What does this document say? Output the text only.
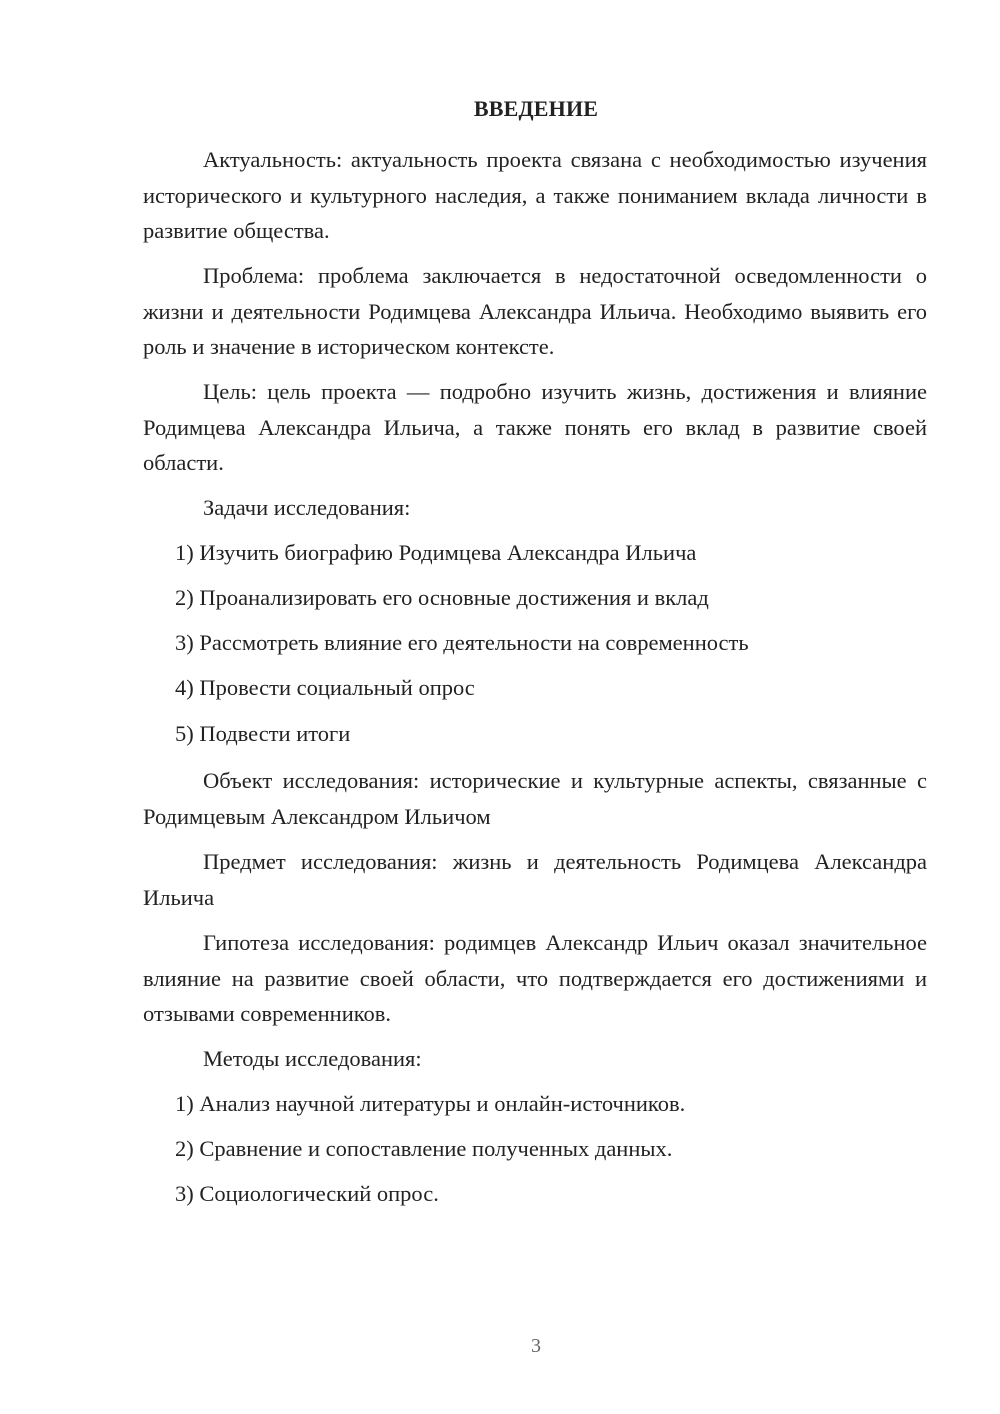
ВВЕДЕНИЕ

Актуальность: актуальность проекта связана с необходимостью изучения исторического и культурного наследия, а также пониманием вклада личности в развитие общества.

Проблема: проблема заключается в недостаточной осведомленности о жизни и деятельности Родимцева Александра Ильича. Необходимо выявить его роль и значение в историческом контексте.

Цель: цель проекта — подробно изучить жизнь, достижения и влияние Родимцева Александра Ильича, а также понять его вклад в развитие своей области.

Задачи исследования:

1) Изучить биографию Родимцева Александра Ильича

2) Проанализировать его основные достижения и вклад

3) Рассмотреть влияние его деятельности на современность

4) Провести социальный опрос

5) Подвести итоги

Объект исследования: исторические и культурные аспекты, связанные с Родимцевым Александром Ильичом

Предмет исследования: жизнь и деятельность Родимцева Александра Ильича

Гипотеза исследования: родимцев Александр Ильич оказал значительное влияние на развитие своей области, что подтверждается его достижениями и отзывами современников.

Методы исследования:

1) Анализ научной литературы и онлайн-источников.

2) Сравнение и сопоставление полученных данных.

3) Социологический опрос.

3
